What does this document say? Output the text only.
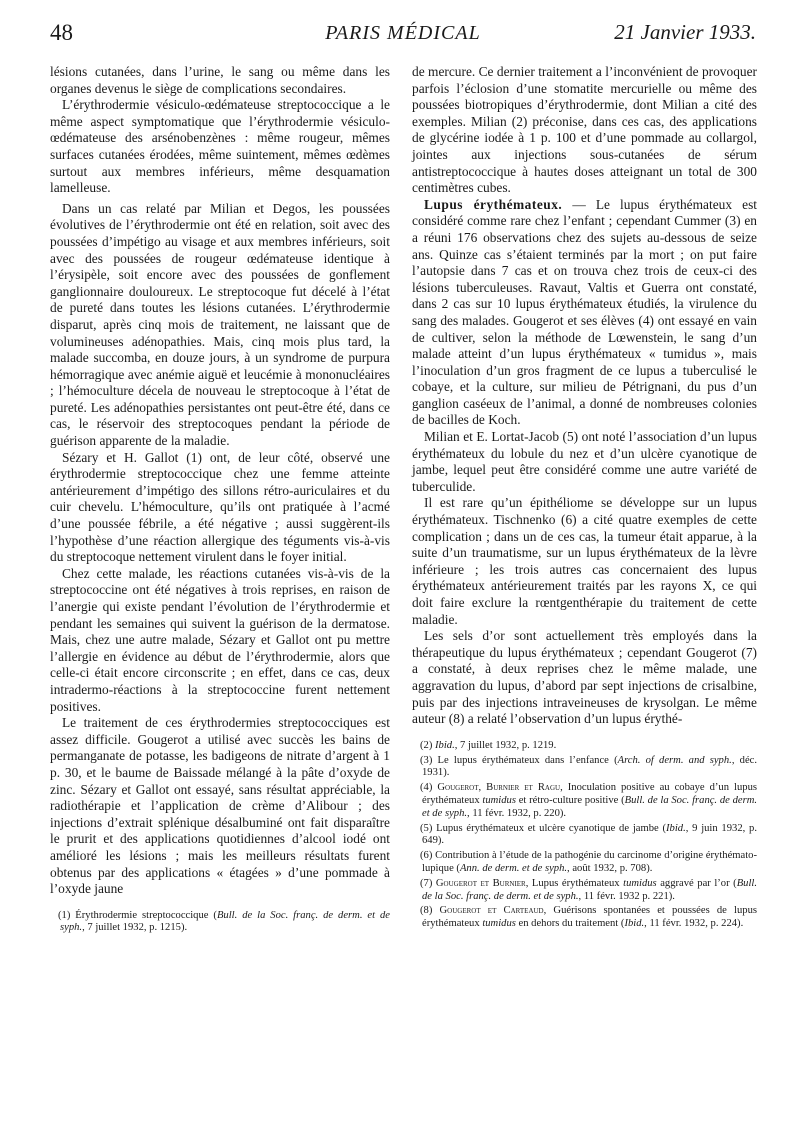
48	PARIS MÉDICAL	21 Janvier 1933.

lésions cutanées, dans l’urine, le sang ou même dans les organes devenus le siège de complications secondaires.

L’érythrodermie vésiculo-œdémateuse streptococcique a le même aspect symptomatique que l’érythrodermie vésiculo-œdémateuse des arsénobenzènes : même rougeur, mêmes surfaces cutanées érodées, même suintement, mêmes œdèmes surtout aux membres inférieurs, même desquamation lamelleuse.

Dans un cas relaté par Milian et Degos, les poussées évolutives de l’érythrodermie ont été en relation, soit avec des poussées d’impétigo au visage et aux membres inférieurs, soit avec des poussées de rougeur œdémateuse identique à l’érysipèle, soit encore avec des poussées de gonflement ganglionnaire douloureux. Le streptocoque fut décelé à l’état de pureté dans toutes les lésions cutanées. L’érythrodermie disparut, après cinq mois de traitement, ne laissant que de volumineuses adénopathies. Mais, cinq mois plus tard, la malade succomba, en douze jours, à un syndrome de purpura hémorragique avec anémie aiguë et leucémie à mononucléaires ; l’hémoculture décela de nouveau le streptocoque à l’état de pureté. Les adénopathies persistantes ont peut-être été, dans ce cas, le réservoir des streptocoques pendant la période de guérison apparente de la maladie.

Sézary et H. Gallot (1) ont, de leur côté, observé une érythrodermie streptococcique chez une femme atteinte antérieurement d’impétigo des sillons rétro-auriculaires et du cuir chevelu. L’hémoculture, qu’ils ont pratiquée à l’acmé d’une poussée fébrile, a été négative ; aussi suggèrent-ils l’hypothèse d’une réaction allergique des téguments vis-à-vis du streptocoque nettement virulent dans le foyer initial.

Chez cette malade, les réactions cutanées vis-à-vis de la streptococcine ont été négatives à trois reprises, en raison de l’anergie qui existe pendant l’évolution de l’érythrodermie et pendant les semaines qui suivent la guérison de la dermatose. Mais, chez une autre malade, Sézary et Gallot ont pu mettre l’allergie en évidence au début de l’érythrodermie, alors que celle-ci était encore circonscrite ; en effet, dans ce cas, deux intradermo-réactions à la streptococcine furent nettement positives.

Le traitement de ces érythrodermies streptococciques est assez difficile. Gougerot a utilisé avec succès les bains de permanganate de potasse, les badigeons de nitrate d’argent à 1 p. 30, et le baume de Baissade mélangé à la pâte d’oxyde de zinc. Sézary et Gallot ont essayé, sans résultat appréciable, la radiothérapie et l’application de crème d’Alibour ; des injections d’extrait splénique désalbuminé ont fait disparaître le prurit et des applications quotidiennes d’alcool iodé ont amélioré les lésions ; mais les meilleurs résultats furent obtenus par des applications « étagées » d’une pommade à l’oxyde jaune

(1) Érythrodermie streptococcique (Bull. de la Soc. franç. de derm. et de syph., 7 juillet 1932, p. 1215).

de mercure. Ce dernier traitement a l’inconvénient de provoquer parfois l’éclosion d’une stomatite mercurielle ou même des poussées biotropiques d’érythrodermie, dont Milian a cité des exemples. Milian (2) préconise, dans ces cas, des applications de glycérine iodée à 1 p. 100 et d’une pommade au collargol, jointes aux injections sous-cutanées de sérum antistreptococcique à hautes doses atteignant un total de 300 centimètres cubes.

Lupus érythémateux. — Le lupus érythémateux est considéré comme rare chez l’enfant ; cependant Cummer (3) en a réuni 176 observations chez des sujets au-dessous de seize ans. Quinze cas s’étaient terminés par la mort ; on put faire l’autopsie dans 7 cas et on trouva chez trois de ceux-ci des lésions tuberculeuses. Ravaut, Valtis et Guerra ont constaté, dans 2 cas sur 10 lupus érythémateux étudiés, la virulence du sang des malades. Gougerot et ses élèves (4) ont essayé en vain de cultiver, selon la méthode de Lœwenstein, le sang d’un malade atteint d’un lupus érythémateux « tumidus », mais l’inoculation d’un gros fragment de ce lupus a tuberculisé le cobaye, et la culture, sur milieu de Pétrignani, du pus d’un ganglion caséeux de l’animal, a donné de nombreuses colonies de bacilles de Koch.

Milian et E. Lortat-Jacob (5) ont noté l’association d’un lupus érythémateux du lobule du nez et d’un ulcère cyanotique de jambe, lequel peut être considéré comme une autre variété de tuberculide.

Il est rare qu’un épithéliome se développe sur un lupus érythémateux. Tischnenko (6) a cité quatre exemples de cette complication ; dans un de ces cas, la tumeur était apparue, à la suite d’un traumatisme, sur un lupus érythémateux de la lèvre inférieure ; les trois autres cas concernaient des lupus érythémateux antérieurement traités par les rayons X, ce qui doit faire exclure la rœntgenthérapie du traitement de cette maladie.

Les sels d’or sont actuellement très employés dans la thérapeutique du lupus érythémateux ; cependant Gougerot (7) a constaté, à deux reprises chez le même malade, une aggravation du lupus, d’abord par sept injections de crisalbine, puis par des injections intraveineuses de krysolgan. Le même auteur (8) a relaté l’observation d’un lupus érythé-

(2) Ibid., 7 juillet 1932, p. 1219.

(3) Le lupus érythémateux dans l’enfance (Arch. of derm. and syph., déc. 1931).

(4) Gougerot, Burnier et Ragu, Inoculation positive au cobaye d’un lupus érythémateux tumidus et rétro-culture positive (Bull. de la Soc. franç. de derm. et de syph., 11 févr. 1932, p. 220).

(5) Lupus érythémateux et ulcère cyanotique de jambe (Ibid., 9 juin 1932, p. 649).

(6) Contribution à l’étude de la pathogénie du carcinome d’origine érythémato-lupique (Ann. de derm. et de syph., août 1932, p. 708).

(7) Gougerot et Burnier, Lupus érythémateux tumidus aggravé par l’or (Bull. de la Soc. franç. de derm. et de syph., 11 févr. 1932 p. 221).

(8) Gougerot et Carteaud, Guérisons spontanées et poussées de lupus érythémateux tumidus en dehors du traitement (Ibid., 11 févr. 1932, p. 224).
